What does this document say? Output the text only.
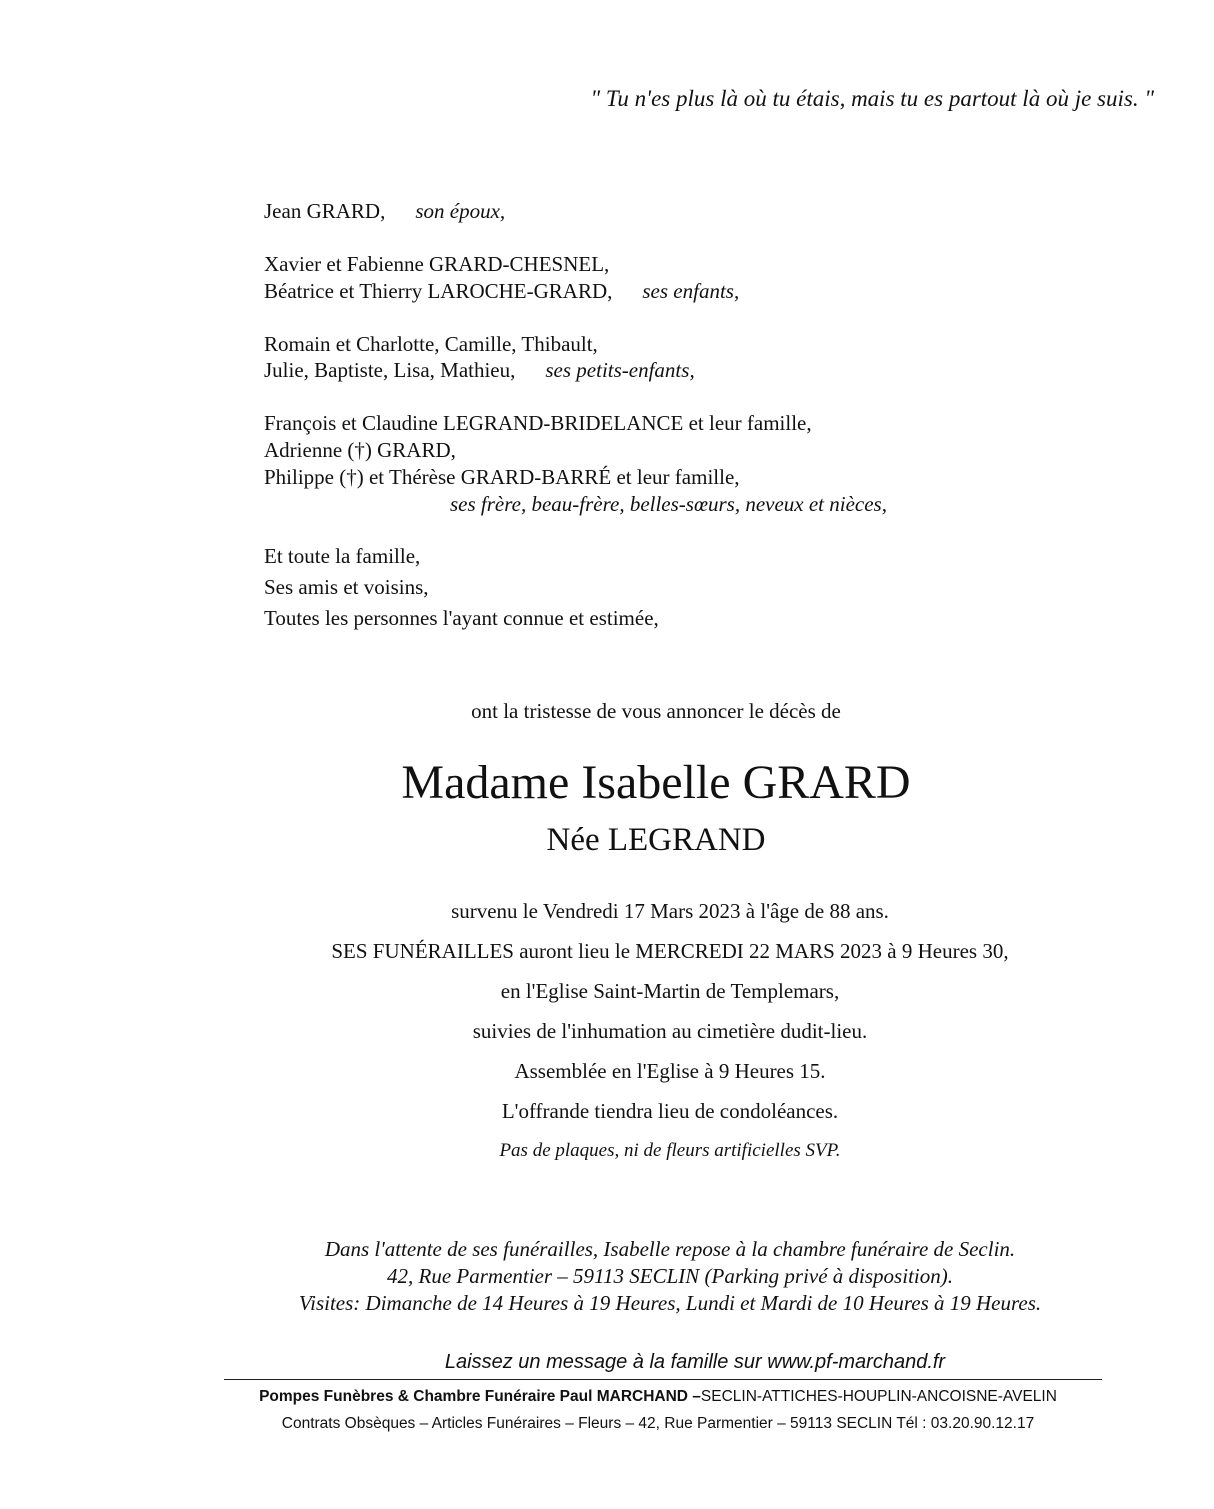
" Tu n'es plus là où tu étais, mais tu es partout là où je suis. "
Jean GRARD, son époux,
Xavier et Fabienne GRARD-CHESNEL,
Béatrice et Thierry LAROCHE-GRARD, ses enfants,
Romain et Charlotte, Camille, Thibault,
Julie, Baptiste, Lisa, Mathieu, ses petits-enfants,
François et Claudine LEGRAND-BRIDELANCE et leur famille,
Adrienne (†) GRARD,
Philippe (†) et Thérèse GRARD-BARRÉ et leur famille,
ses frère, beau-frère, belles-sœurs, neveux et nièces,
Et toute la famille,
Ses amis et voisins,
Toutes les personnes l'ayant connue et estimée,
ont la tristesse de vous annoncer le décès de
Madame Isabelle GRARD
Née LEGRAND
survenu le Vendredi 17 Mars 2023 à l'âge de 88 ans.
SES FUNÉRAILLES auront lieu le MERCREDI 22 MARS 2023 à 9 Heures 30,
en l'Eglise Saint-Martin de Templemars,
suivies de l'inhumation au cimetière dudit-lieu.
Assemblée en l'Eglise à 9 Heures 15.
L'offrande tiendra lieu de condoléances.
Pas de plaques, ni de fleurs artificielles SVP.
Dans l'attente de ses funérailles, Isabelle repose à la chambre funéraire de Seclin.
42, Rue Parmentier – 59113 SECLIN (Parking privé à disposition).
Visites: Dimanche de 14 Heures à 19 Heures, Lundi et Mardi de 10 Heures à 19 Heures.
Laissez un message à la famille sur www.pf-marchand.fr
Pompes Funèbres & Chambre Funéraire Paul MARCHAND –SECLIN-ATTICHES-HOUPLIN-ANCOISNE-AVELIN
Contrats Obsèques – Articles Funéraires – Fleurs – 42, Rue Parmentier – 59113 SECLIN Tél : 03.20.90.12.17
